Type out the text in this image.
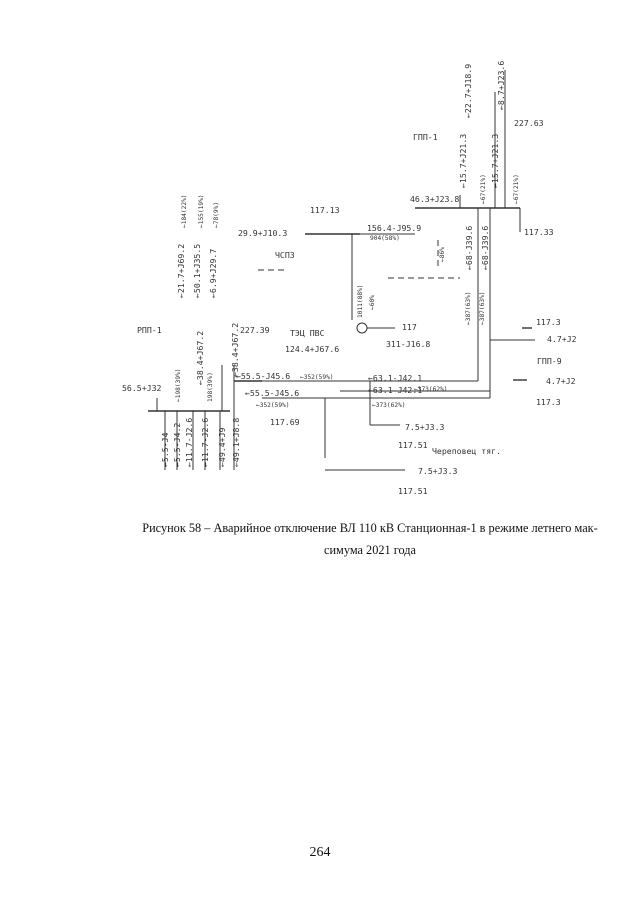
ГПП-1
227.63
117.13
117.33
ЧСПЗ
29.9+J10.3	156.4-J95.9
904(58%)
46.3+J23.8
←22.7+J18.9	←8.7+J23.6
←15.7+J21.3	←15.7+J21.3
←67(21%)	←67(21%)
←68-J39.6 ←68-J39.6
←86%
←387(63%) ←387(63%)
←21.7+J69.2 ←50.1+J35.5 ←6.9+J29.7
←184(22%) ←155(19%) ←78(9%)
1011(88%) ←60%
ТЭЦ ПВС
117
124.4+J67.6	311-J16.8
РПП-1	227.39
←38.4+J67.2	←38.4+J67.2
←198(39%)	198(39%)	←55.5-J45.6
←55.5-J45.6
←352(59%)
←352(59%)
←63.1-J42.1
←63.1-J42.1
←373(62%)
←373(62%)
56.5+J32
117.69
←5.5-J4 ←5.5-J4.2 ←11.7-J2.6 ←11.7-J2.6 ←49.4+J9 ←49.1+J8.8	7.5+J3.3
117.51
Череповец тяг.
7.5+J3.3
117.51
117.3
4.7+J2
ГПП-9
4.7+J2
117.3
Рисунок 58 – Аварийное отключение ВЛ 110 кВ Станционная-1 в режиме летнего мак-
симума 2021 года
264
